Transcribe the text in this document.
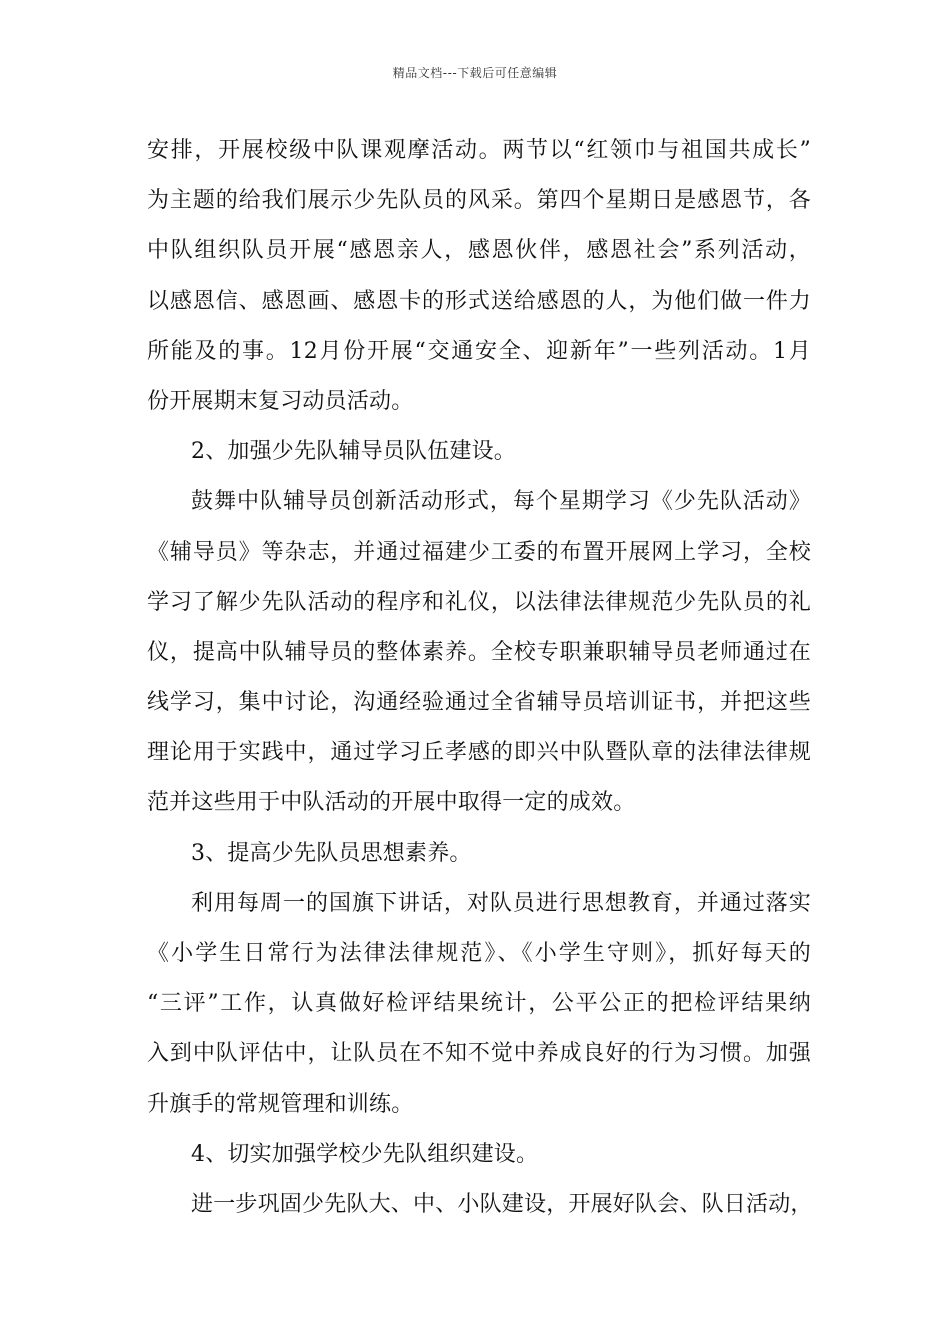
精品文档---下载后可任意编辑
安排，开展校级中队课观摩活动。两节以“红领巾与祖国共成长”
为主题的给我们展示少先队员的风采。第四个星期日是感恩节，各
中队组织队员开展“感恩亲人，感恩伙伴，感恩社会”系列活动，
以感恩信、感恩画、感恩卡的形式送给感恩的人，为他们做一件力
所能及的事。12月份开展“交通安全、迎新年”一些列活动。1月
份开展期末复习动员活动。
2、加强少先队辅导员队伍建设。
鼓舞中队辅导员创新活动形式，每个星期学习《少先队活动》
《辅导员》等杂志，并通过福建少工委的布置开展网上学习，全校
学习了解少先队活动的程序和礼仪，以法律法律规范少先队员的礼
仪，提高中队辅导员的整体素养。全校专职兼职辅导员老师通过在
线学习，集中讨论，沟通经验通过全省辅导员培训证书，并把这些
理论用于实践中，通过学习丘孝感的即兴中队暨队章的法律法律规
范并这些用于中队活动的开展中取得一定的成效。
3、提高少先队员思想素养。
利用每周一的国旗下讲话，对队员进行思想教育，并通过落实
《小学生日常行为法律法律规范》、《小学生守则》，抓好每天的
“三评”工作，认真做好检评结果统计，公平公正的把检评结果纳
入到中队评估中，让队员在不知不觉中养成良好的行为习惯。加强
升旗手的常规管理和训练。
4、切实加强学校少先队组织建设。
进一步巩固少先队大、中、小队建设，开展好队会、队日活动，
